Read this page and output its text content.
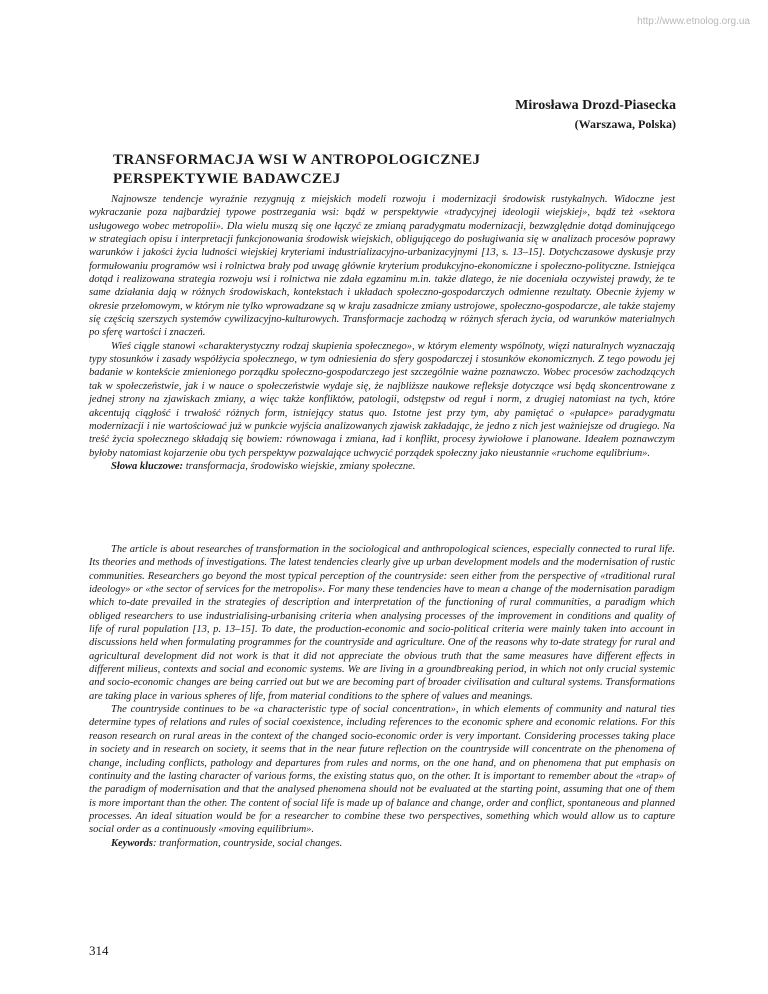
http://www.etnolog.org.ua
Mirosława Drozd-Piasecka
(Warszawa, Polska)
TRANSFORMACJA WSI W ANTROPOLOGICZNEJ PERSPEKTYWIE BADAWCZEJ

Najnowsze tendencje wyraźnie rezygnują z miejskich modeli rozwoju i modernizacji środowisk rustykalnych. Widoczne jest wykraczanie poza najbardziej typowe postrzegania wsi: bądź w perspektywie «tradycyjnej ideologii wiejskiej», bądź też «sektora usługowego wobec metropolii». Dla wielu muszą się one łączyć ze zmianą paradygmatu modernizacji, bezwzględnie dotąd dominującego w strategiach opisu i interpretacji funkcjonowania środowisk wiejskich, obligującego do posługiwania się w analizach procesów poprawy warunków i jakości życia ludności wiejskiej kryteriami industrializacyjno-urbanizacyjnymi [13, s. 13–15]. Dotychczasowe dyskusje przy formułowaniu programów wsi i rolnictwa brały pod uwagę głównie kryterium produkcyjno-ekonomiczne i społeczno-polityczne. Istniejąca dotąd i realizowana strategia rozwoju wsi i rolnictwa nie zdała egzaminu m.in. także dlatego, że nie doceniała oczywistej prawdy, że te same działania dają w różnych środowiskach, kontekstach i układach społeczno-gospodarczych odmienne rezultaty. Obecnie żyjemy w okresie przełomowym, w którym nie tylko wprowadzane są w kraju zasadnicze zmiany ustrojowe, społeczno-gospodarcze, ale także stajemy się częścią szerszych systemów cywilizacyjno-kulturowych. Transformacje zachodzą w różnych sferach życia, od warunków materialnych po sferę wartości i znaczeń.

Wieś ciągle stanowi «charakterystyczny rodzaj skupienia społecznego», w którym elementy wspólnoty, więzi naturalnych wyznaczają typy stosunków i zasady współżycia społecznego, w tym odniesienia do sfery gospodarczej i stosunków ekonomicznych. Z tego powodu jej badanie w kontekście zmienionego porządku społeczno-gospodarczego jest szczególnie ważne poznawczo. Wobec procesów zachodzących tak w społeczeństwie, jak i w nauce o społeczeństwie wydaje się, że najbliższe naukowe refleksje dotyczące wsi będą skoncentrowane z jednej strony na zjawiskach zmiany, a więc także konfliktów, patologii, odstępstw od reguł i norm, z drugiej natomiast na tych, które akcentują ciągłość i trwałość różnych form, istniejący status quo. Istotne jest przy tym, aby pamiętać o «pułapce» paradygmatu modernizacji i nie wartościować już w punkcie wyjścia analizowanych zjawisk zakładając, że jedno z nich jest ważniejsze od drugiego. Na treść życia społecznego składają się bowiem: równowaga i zmiana, ład i konflikt, procesy żywiołowe i planowane. Ideałem poznawczym byłoby natomiast kojarzenie obu tych perspektyw pozwalające uchwycić porządek społeczny jako nieustannie «ruchome equlibrium».

Słowa kluczowe: transformacja, środowisko wiejskie, zmiany społeczne.

The article is about researches of transformation in the sociological and anthropological sciences, especially connected to rural life. Its theories and methods of investigations. The latest tendencies clearly give up urban development models and the modernisation of rustic communities. Researchers go beyond the most typical perception of the countryside: seen either from the perspective of «traditional rural ideology» or «the sector of services for the metropolis». For many these tendencies have to mean a change of the modernisation paradigm which to-date prevailed in the strategies of description and interpretation of the functioning of rural communities, a paradigm which obliged researchers to use industrialising-urbanising criteria when analysing processes of the improvement in conditions and quality of life of rural population [13, p. 13–15]. To date, the production-economic and socio-political criteria were mainly taken into account in discussions held when formulating programmes for the countryside and agriculture. One of the reasons why to-date strategy for rural and agricultural development did not work is that it did not appreciate the obvious truth that the same measures have different effects in different milieus, contexts and social and economic systems. We are living in a groundbreaking period, in which not only crucial systemic and socio-economic changes are being carried out but we are becoming part of broader civilisation and cultural systems. Transformations are taking place in various spheres of life, from material conditions to the sphere of values and meanings.

The countryside continues to be «a characteristic type of social concentration», in which elements of community and natural ties determine types of relations and rules of social coexistence, including references to the economic sphere and economic relations. For this reason research on rural areas in the context of the changed socio-economic order is very important. Considering processes taking place in society and in research on society, it seems that in the near future reflection on the countryside will concentrate on the phenomena of change, including conflicts, pathology and departures from rules and norms, on the one hand, and on phenomena that put emphasis on continuity and the lasting character of various forms, the existing status quo, on the other. It is important to remember about the «trap» of the paradigm of modernisation and that the analysed phenomena should not be evaluated at the starting point, assuming that one of them is more important than the other. The content of social life is made up of balance and change, order and conflict, spontaneous and planned processes. An ideal situation would be for a researcher to combine these two perspectives, something which would allow us to capture social order as a continuously «moving equilibrium».

Keywords: tranformation, countryside, social changes.

314
